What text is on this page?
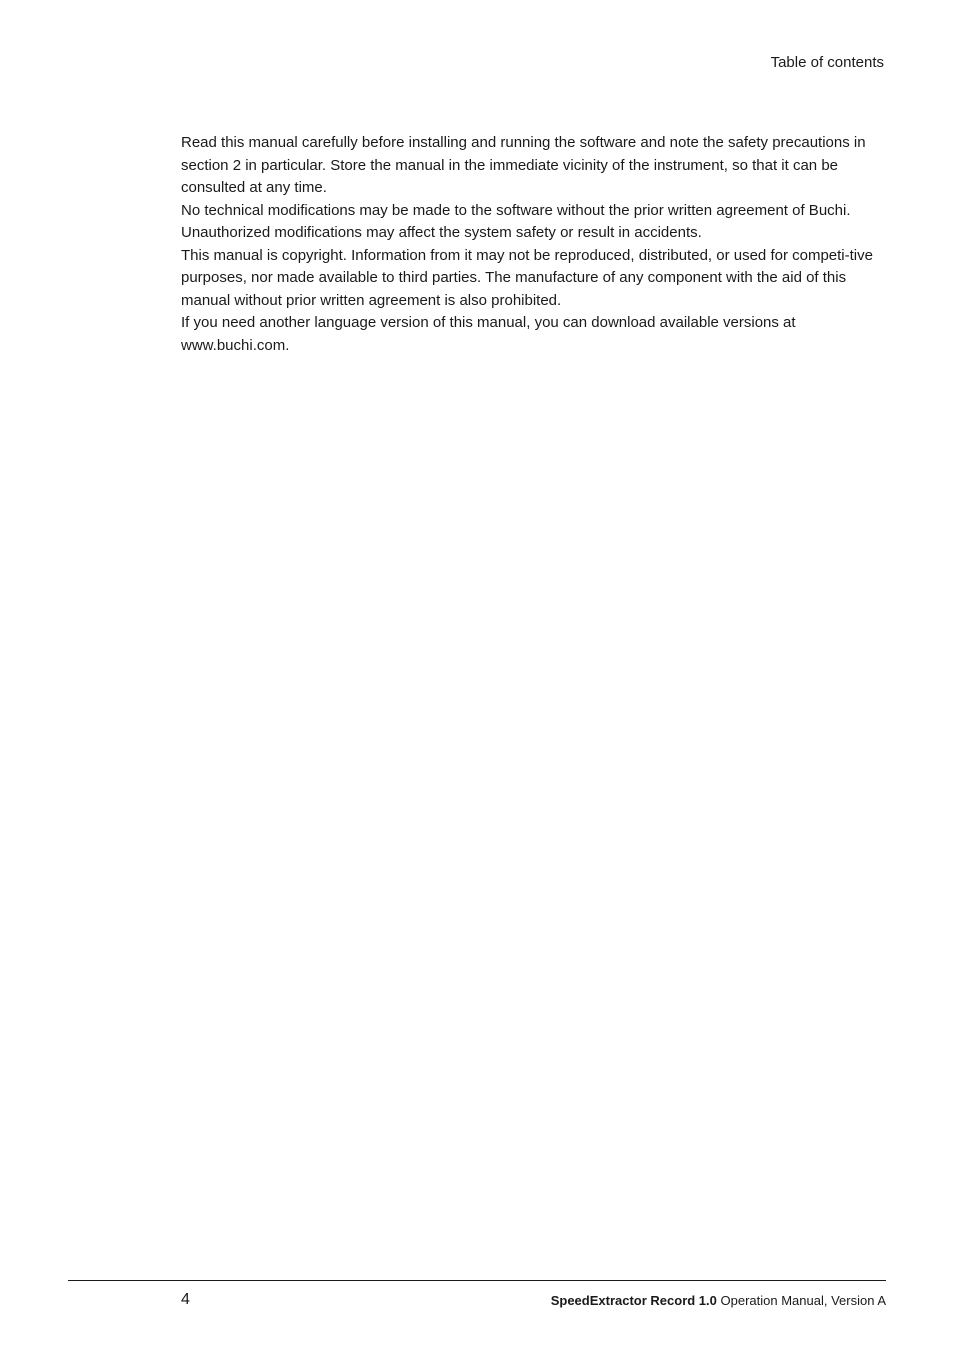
Table of contents

Read this manual carefully before installing and running the software and note the safety precautions in section 2 in particular. Store the manual in the immediate vicinity of the instrument, so that it can be consulted at any time.

No technical modifications may be made to the software without the prior written agreement of Buchi. Unauthorized modifications may affect the system safety or result in accidents.

This manual is copyright. Information from it may not be reproduced, distributed, or used for competi-tive purposes, nor made available to third parties. The manufacture of any component with the aid of this manual without prior written agreement is also prohibited.

If you need another language version of this manual, you can download available versions at www.buchi.com.

4	SpeedExtractor Record 1.0 Operation Manual, Version A
